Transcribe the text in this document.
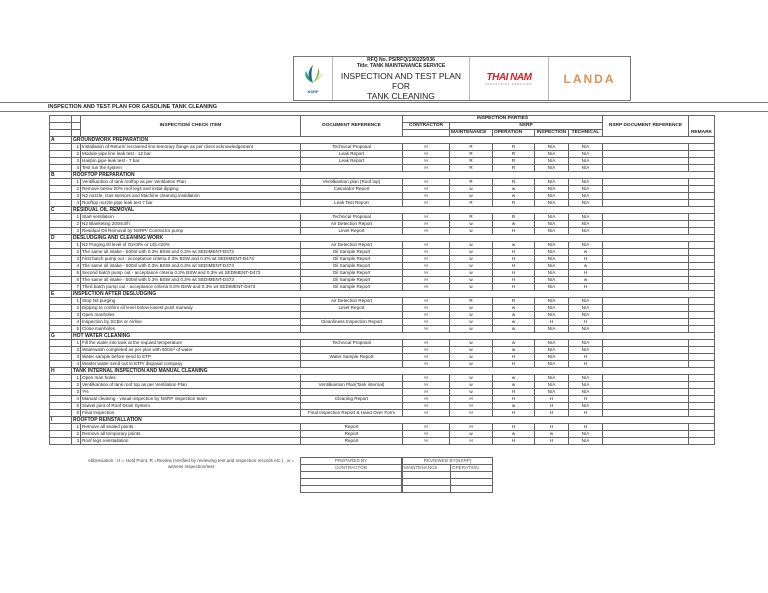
NSRP
RFQ No. PS/RFQ/130225/036
Title: TANK MAINTENANCE SERVICE
INSPECTION AND TEST PLAN FOR
TANK CLEANING
THAI NAM
INDUSTRIAL SERVICES	LANDA
INSPECTION AND TEST PLAN FOR GASOLINE TANK CLEANING
		INSPECTION/ CHECK ITEM	DOCUMENT REFERENCE	INSPECTION PARTIES					NSRP DOCUMENT REFERENCE	REMARK
				CONTRACTOR	NSRP					
					MAINTENANCE	OPERATION	INSPECTION	TECHNICAL		
A	GROUNDWORK PREPARATION									
	1	Installation of Return/ recovered line temorary flange as per client acknowledgement	Technical Proposal	H	R	R	N/A	N/A		
	2	Module pipe line leak test - 12 bar	Leak Report	H	R	R	N/A	N/A		
	3	Hairpin pipe leak test - 7 bar	Leak Report	H	R	R	N/A	N/A		
	4	Test run the system		H	R	R	N/A	N/A		
B	ROOFTOP PREPARATION									
	1	Ventilkantion of tank rooftop as per Ventilation Plan	Ventilkantion plan (Roof top)	H	R	R	N/A	N/A		
	2	Remove below 20% roof legs and initial dipping	Calculator Report	H	w	w	N/A	N/A		
	3	N2 nozzle, Gas sensors and Machine cleaning installation		H	w	w	N/A	N/A		
	4	Rooftop nozzle pipe leak test 7 bar	Leak Test Report	H	R	R	N/A	N/A		
C	RESIDUAL OIL REMOVAL									
	1	Start ventilation	Technical Proposal	H	R	R	N/A	N/A		
	2	N2 Blanketing 200m3/h	Air Detection Report	H	w	w	N/A	N/A		
	3	Residual Oil Removal by NSRP/ Contractor pump	Level Report	H	w	H	N/A	N/A		
D	DESLUDGING AND CLEANING WORK									
	1	N2 Purging till level of O2<8% or LEL<20%	Air Detection Report	H	w	w	N/A	N/A		
	2	The same oil intake - 500nl with 0.3% BSW and 0.3% wt SEDIMENT-D473	Oil Sample Report	H	w	H	N/A	w		
	3	First batch pump out - acceptance criteria 0.3% BSW and 0.3% wt SEDIMENT-D473	Oil Sample Report	H	w	H	N/A	H		
	4	The same oil intake - 500nl with 0.3% BSW and 0.3% wt SEDIMENT-D473	Oil Sample Report	H	w	H	N/A	w		
	5	Second batch pump out - acceptance criteria 0.3% BSW and 0.3% wt SEDIMENT-D473	Oil Sample Report	H	w	H	N/A	H		
	6	The same oil intake - 500nl with 0.3% BSW and 0.3% wt SEDIMENT-D473	Oil Sample Report	H	w	H	N/A	w		
	7	Third batch pump out - acceptance criteria 0.3% BSW and 0.3% wt SEDIMENT-D473	Oil Sample Report	H	w	H	N/A	H		
E	INSPECTION AFTER DESLUDGING									
	1	Stop N2 purging	Air Detection Report	H	R	R	N/A	N/A		
	2	Dipping to confirm oil level below lowest point manway	Level Report	H	w	w	N/A	N/A		
	3	Open manholes		H	w	w	N/A	N/A		
	4	Inspection by SCBA or Airline	Cleanliness Inspection Report	H	w	w	H	H		
	5	Close manholes		H	w	w	N/A	N/A		
G	HOT WATER CLEANING									
	1	Fill the water into tank at the requied temperature	Technical Proposal	H	w	w	N/A	N/A		
	2	Waterwash completed as per plan with 500m³ of water		H	w	w	N/A	N/A		
	3	Water sample before send to ETP	Water Sample Report	H	w	H	N/A	H		
	4	Waster water send out to ETP/ disposal company		H	w	H	N/A	H		
H	TANK INTERNAL INSPECTION AND MANUAL CLEANING									
	1	Open man holes		H	w	w	N/A	N/A		
	2	Ventilkantion of tank roof top as per Ventilation Plan	Ventilkantion Plan(Tank internal)	H	w	w	N/A	N/A		
	3	?%		H	w	H	N/A	N/A		
	4	Manual cleaning - visual inspection by NSRP inspection team	Cleaning Report	H	H	H	H	H		
	5	Swivel joint of Roof Drain System		H	H	w	H	N/A		
	6	Final Inspection	Final Inspection Report & Hand Over Form	H	H	H	H	H		
I	ROOFTOP REINSTALLATION									
	1	Remove all sealed points	Report	H	H	H	H	H		
	2	Remove all temporary points	Report	H	w	w	w	N/A		
	3	Roof legs reinstallation	Report	H	H	H	H	N/A		
Abbreviation : H = Hold Point, R =Review (Verified by reviewing test and inspection records etc.) , w = witness inspection/test
PREPARED BY
CONTRACTOR

REVIEWED BY(NSRP)	
MAINTENANCE	OPERATION
